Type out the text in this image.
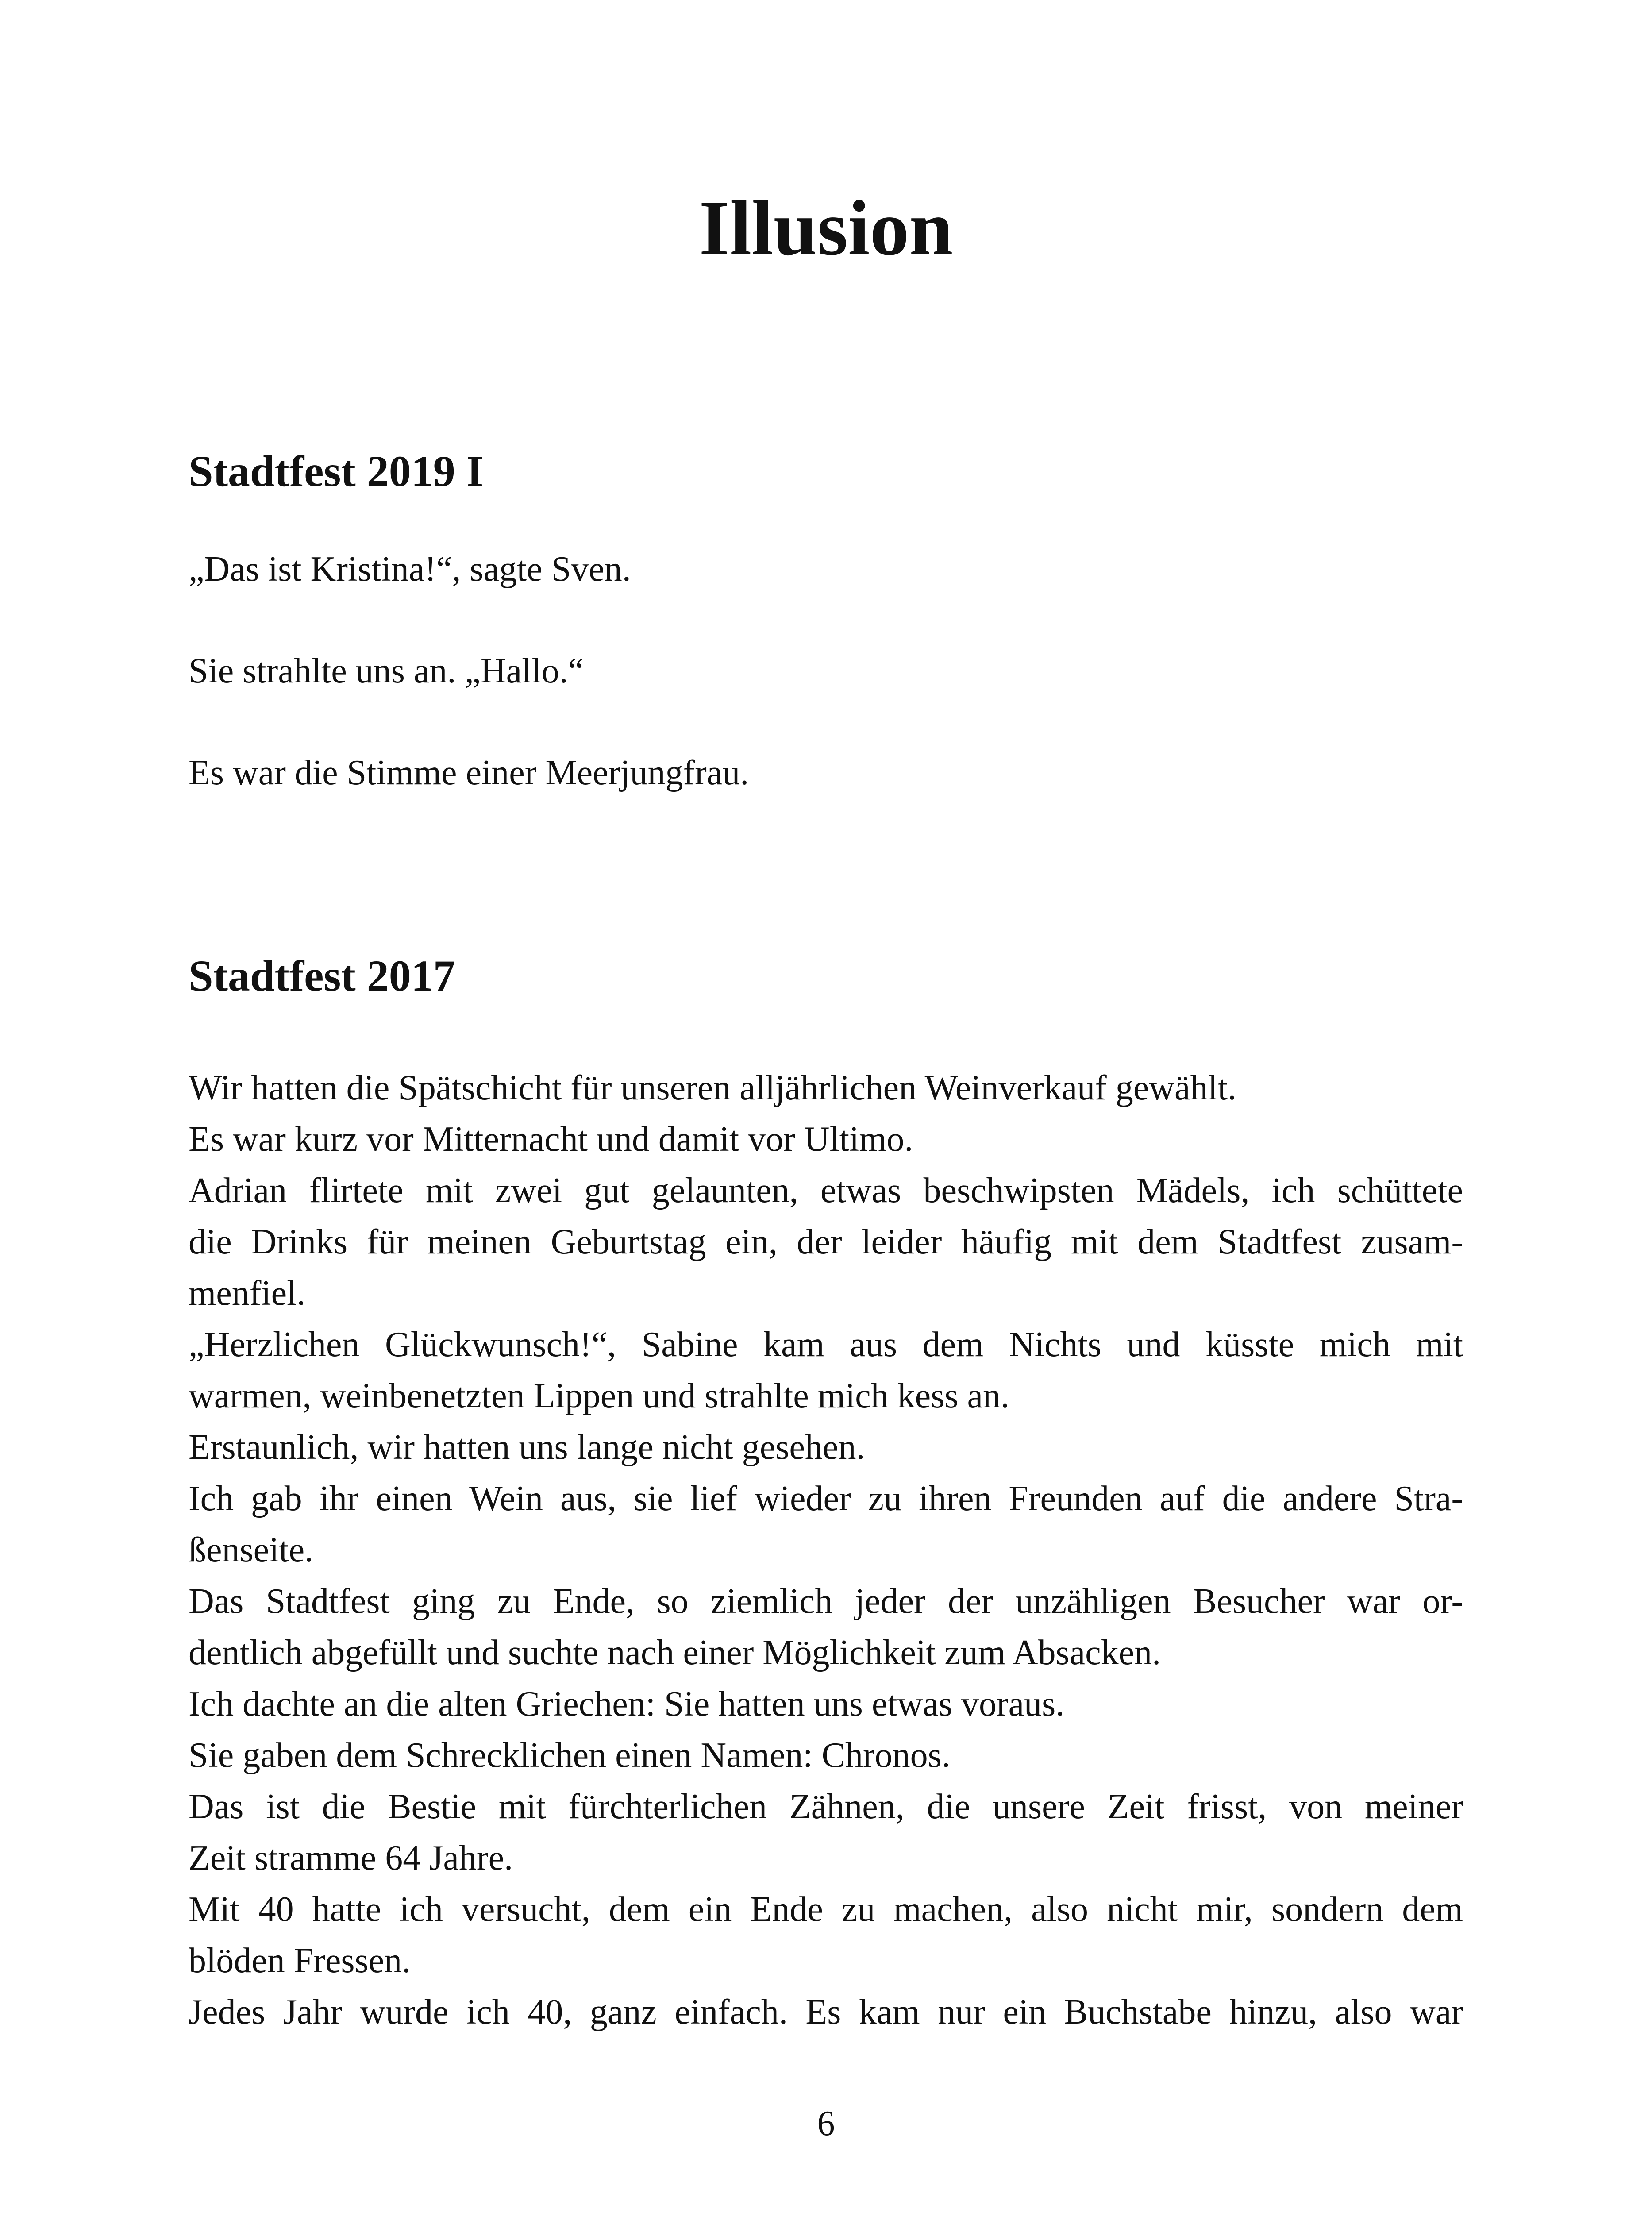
Illusion
Stadtfest 2019 I

„Das ist Kristina!“, sagte Sven.

Sie strahlte uns an. „Hallo.“

Es war die Stimme einer Meerjungfrau.

Stadtfest 2017
Wir hatten die Spätschicht für unseren alljährlichen Weinverkauf gewählt.
Es war kurz vor Mitternacht und damit vor Ultimo.
Adrian flirtete mit zwei gut gelaunten, etwas beschwipsten Mädels, ich schüttete
die Drinks für meinen Geburtstag ein, der leider häufig mit dem Stadtfest zusam-
menfiel.
„Herzlichen Glückwunsch!“, Sabine kam aus dem Nichts und küsste mich mit
warmen, weinbenetzten Lippen und strahlte mich kess an.
Erstaunlich, wir hatten uns lange nicht gesehen.
Ich gab ihr einen Wein aus, sie lief wieder zu ihren Freunden auf die andere Stra-
ßenseite.
Das Stadtfest ging zu Ende, so ziemlich jeder der unzähligen Besucher war or-
dentlich abgefüllt und suchte nach einer Möglichkeit zum Absacken.
Ich dachte an die alten Griechen: Sie hatten uns etwas voraus.
Sie gaben dem Schrecklichen einen Namen: Chronos.
Das ist die Bestie mit fürchterlichen Zähnen, die unsere Zeit frisst, von meiner
Zeit stramme 64 Jahre.
Mit 40 hatte ich versucht, dem ein Ende zu machen, also nicht mir, sondern dem
blöden Fressen.
Jedes Jahr wurde ich 40, ganz einfach. Es kam nur ein Buchstabe hinzu, also war
6
